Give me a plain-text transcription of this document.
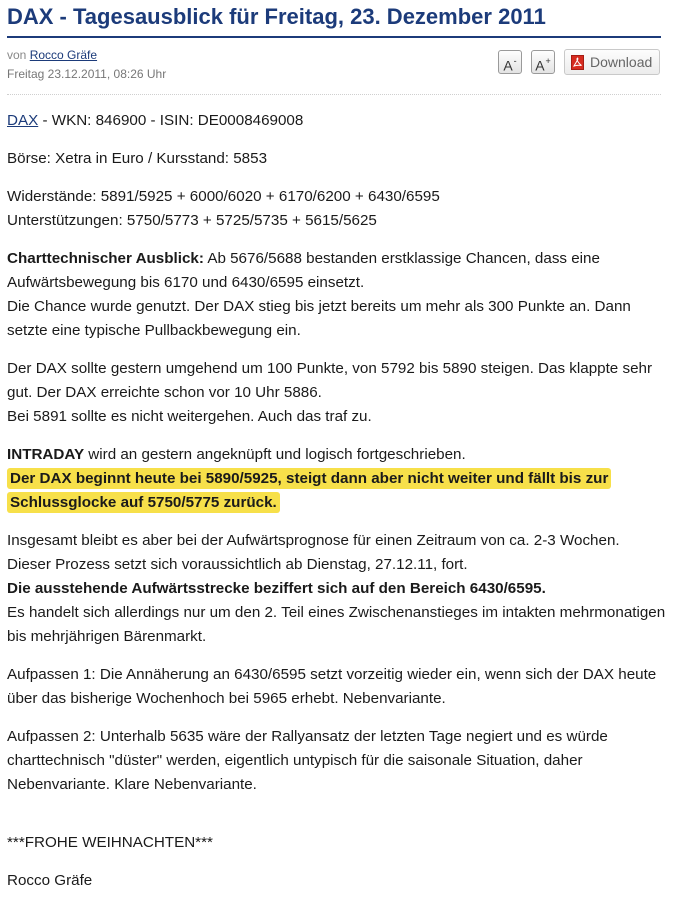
DAX - Tagesausblick für Freitag, 23. Dezember 2011
von Rocco Gräfe
Freitag 23.12.2011, 08:26 Uhr
A-	A+	Download

DAX - WKN: 846900 - ISIN: DE0008469008

Börse: Xetra in Euro / Kursstand: 5853

Widerstände: 5891/5925 + 6000/6020 + 6170/6200 + 6430/6595
Unterstützungen: 5750/5773 + 5725/5735 + 5615/5625

Charttechnischer Ausblick: Ab 5676/5688 bestanden erstklassige Chancen, dass eine Aufwärtsbewegung bis 6170 und 6430/6595 einsetzt.
Die Chance wurde genutzt. Der DAX stieg bis jetzt bereits um mehr als 300 Punkte an. Dann setzte eine typische Pullbackbewegung ein.

Der DAX sollte gestern umgehend um 100 Punkte, von 5792 bis 5890 steigen. Das klappte sehr gut. Der DAX erreichte schon vor 10 Uhr 5886.
Bei 5891 sollte es nicht weitergehen. Auch das traf zu.

INTRADAY wird an gestern angeknüpft und logisch fortgeschrieben.
Der DAX beginnt heute bei 5890/5925, steigt dann aber nicht weiter und fällt bis zur Schlussglocke auf 5750/5775 zurück.

Insgesamt bleibt es aber bei der Aufwärtsprognose für einen Zeitraum von ca. 2-3 Wochen. Dieser Prozess setzt sich voraussichtlich ab Dienstag, 27.12.11, fort.
Die ausstehende Aufwärtsstrecke beziffert sich auf den Bereich 6430/6595.
Es handelt sich allerdings nur um den 2. Teil eines Zwischenanstieges im intakten mehrmonatigen bis mehrjährigen Bärenmarkt.

Aufpassen 1: Die Annäherung an 6430/6595 setzt vorzeitig wieder ein, wenn sich der DAX heute über das bisherige Wochenhoch bei 5965 erhebt. Nebenvariante.

Aufpassen 2: Unterhalb 5635 wäre der Rallyansatz der letzten Tage negiert und es würde charttechnisch "düster" werden, eigentlich untypisch für die saisonale Situation, daher Nebenvariante. Klare Nebenvariante.

***FROHE WEIHNACHTEN***

Rocco Gräfe
